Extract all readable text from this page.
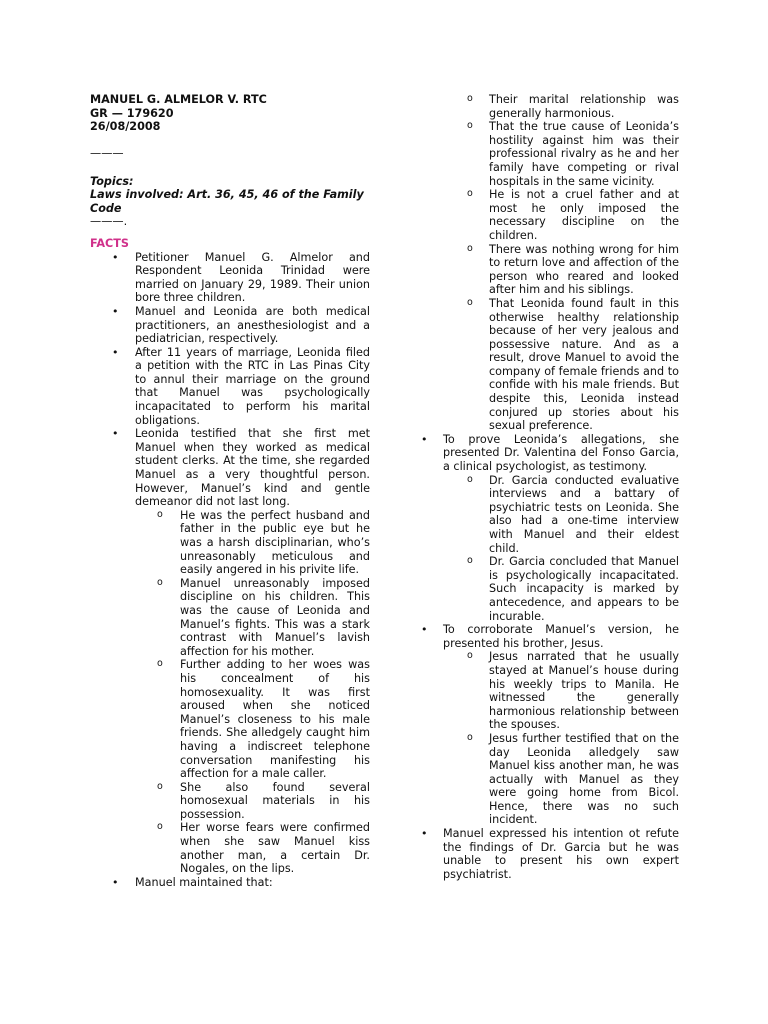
MANUEL G. ALMELOR V. RTC

GR — 179620

26/08/2008

———

Topics:

Laws involved: Art. 36, 45, 46 of the Family Code

———.

FACTS

• Petitioner Manuel G. Almelor and Respondent Leonida Trinidad were married on January 29, 1989. Their union bore three children.
• Manuel and Leonida are both medical practitioners, an anesthesiologist and a pediatrician, respectively.
• After 11 years of marriage, Leonida filed a petition with the RTC in Las Pinas City to annul their marriage on the ground that Manuel was psychologically incapacitated to perform his marital obligations.
• Leonida testified that she first met Manuel when they worked as medical student clerks. At the time, she regarded Manuel as a very thoughtful person. However, Manuel’s kind and gentle demeanor did not last long.
o He was the perfect husband and father in the public eye but he was a harsh disciplinarian, who’s unreasonably meticulous and easily angered in his privite life.
o Manuel unreasonably imposed discipline on his children. This was the cause of Leonida and Manuel’s fights. This was a stark contrast with Manuel’s lavish affection for his mother.
o Further adding to her woes was his concealment of his homosexuality. It was first aroused when she noticed Manuel’s closeness to his male friends. She alledgely caught him having a indiscreet telephone conversation manifesting his affection for a male caller.
o She also found several homosexual materials in his possession.
o Her worse fears were confirmed when she saw Manuel kiss another man, a certain Dr. Nogales, on the lips.
• Manuel maintained that:
o Their marital relationship was generally harmonious.
o That the true cause of Leonida’s hostility against him was their professional rivalry as he and her family have competing or rival hospitals in the same vicinity.
o He is not a cruel father and at most he only imposed the necessary discipline on the children.
o There was nothing wrong for him to return love and affection of the person who reared and looked after him and his siblings.
o That Leonida found fault in this otherwise healthy relationship because of her very jealous and possessive nature. And as a result, drove Manuel to avoid the company of female friends and to confide with his male friends. But despite this, Leonida instead conjured up stories about his sexual preference.
• To prove Leonida’s allegations, she presented Dr. Valentina del Fonso Garcia, a clinical psychologist, as testimony.
o Dr. Garcia conducted evaluative interviews and a battary of psychiatric tests on Leonida. She also had a one-time interview with Manuel and their eldest child.
o Dr. Garcia concluded that Manuel is psychologically incapacitated. Such incapacity is marked by antecedence, and appears to be incurable.
• To corroborate Manuel’s version, he presented his brother, Jesus.
o Jesus narrated that he usually stayed at Manuel’s house during his weekly trips to Manila. He witnessed the generally harmonious relationship between the spouses.
o Jesus further testified that on the day Leonida alledgely saw Manuel kiss another man, he was actually with Manuel as they were going home from Bicol. Hence, there was no such incident.
• Manuel expressed his intention ot refute the findings of Dr. Garcia but he was unable to present his own expert psychiatrist.
